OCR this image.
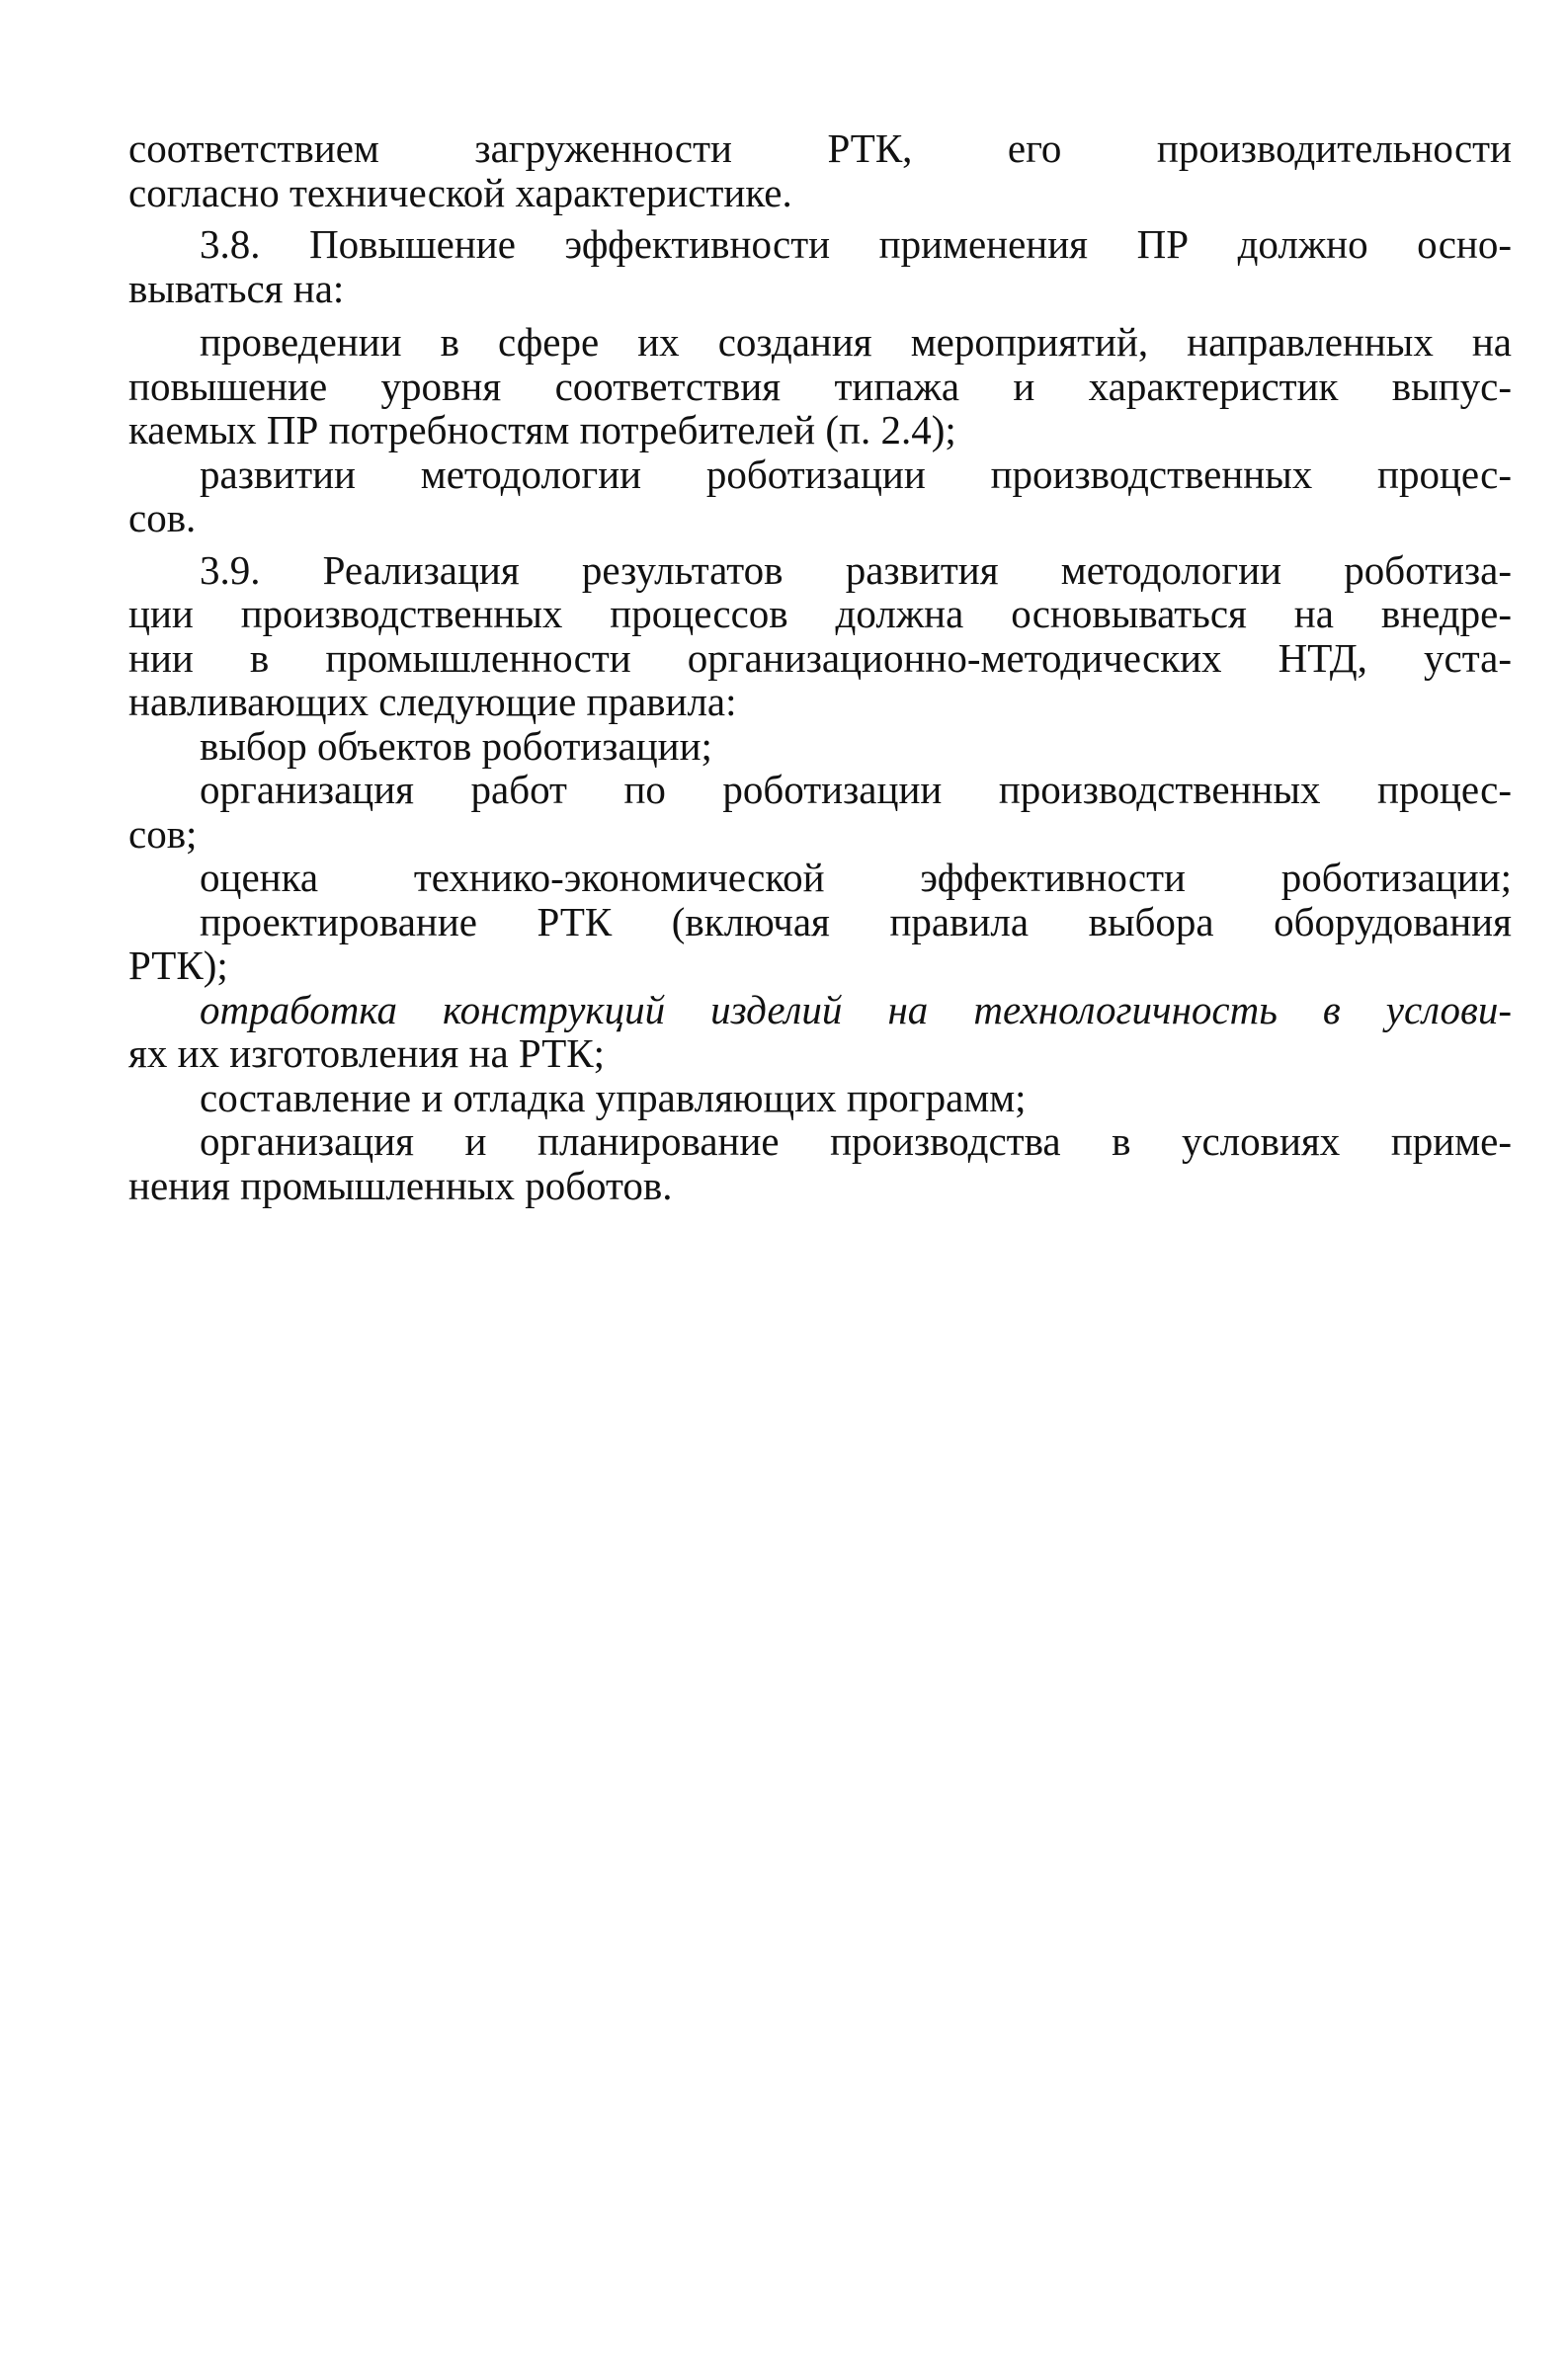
соответствием загруженности РТК, его производительности
согласно технической характеристике.
3.8. Повышение эффективности применения ПР должно осно-
вываться на:
проведении в сфере их создания мероприятий, направленных на
повышение уровня соответствия типажа и характеристик выпус-
каемых ПР потребностям потребителей (п. 2.4);
развитии методологии роботизации производственных процес-
сов.
3.9. Реализация результатов развития методологии роботиза-
ции производственных процессов должна основываться на внедре-
нии в промышленности организационно-методических НТД, уста-
навливающих следующие правила:
выбор объектов роботизации;
организация работ по роботизации производственных процес-
сов;
оценка технико-экономической эффективности роботизации;
проектирование РТК (включая правила выбора оборудования
РТК);
отработка конструкций изделий на технологичность в услови-
ях их изготовления на РТК;
составление и отладка управляющих программ;
организация и планирование производства в условиях приме-
нения промышленных роботов.
